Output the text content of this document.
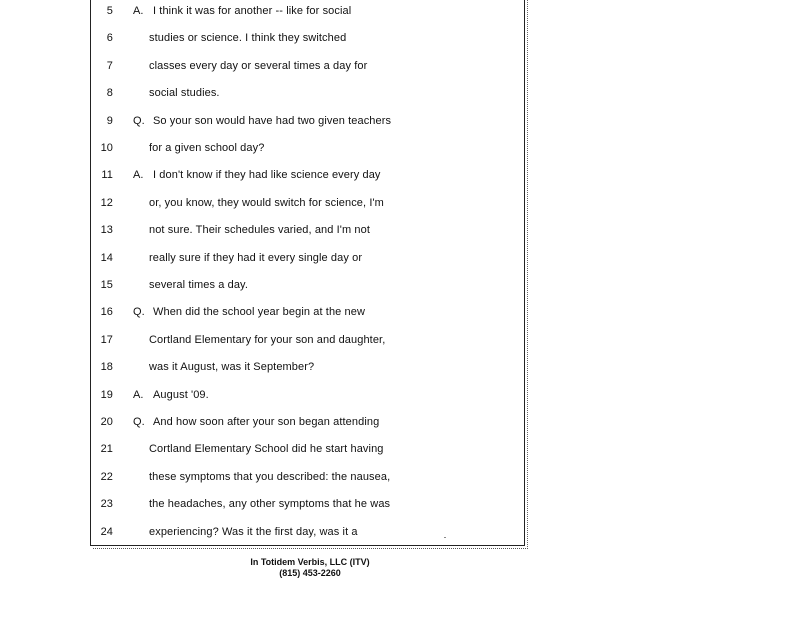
5 A. I think it was for another -- like for social
6	studies or science. I think they switched
7	classes every day or several times a day for
8	social studies.
9 Q. So your son would have had two given teachers
10	for a given school day?
11 A. I don't know if they had like science every day
12	or, you know, they would switch for science, I'm
13	not sure. Their schedules varied, and I'm not
14	really sure if they had it every single day or
15	several times a day.
16 Q. When did the school year begin at the new
17	Cortland Elementary for your son and daughter,
18	was it August, was it September?
19 A. August '09.
20 Q. And how soon after your son began attending
21	Cortland Elementary School did he start having
22	these symptoms that you described: the nausea,
23	the headaches, any other symptoms that he was
24	experiencing? Was it the first day, was it a
In Totidem Verbis, LLC (ITV)
(815) 453-2260
